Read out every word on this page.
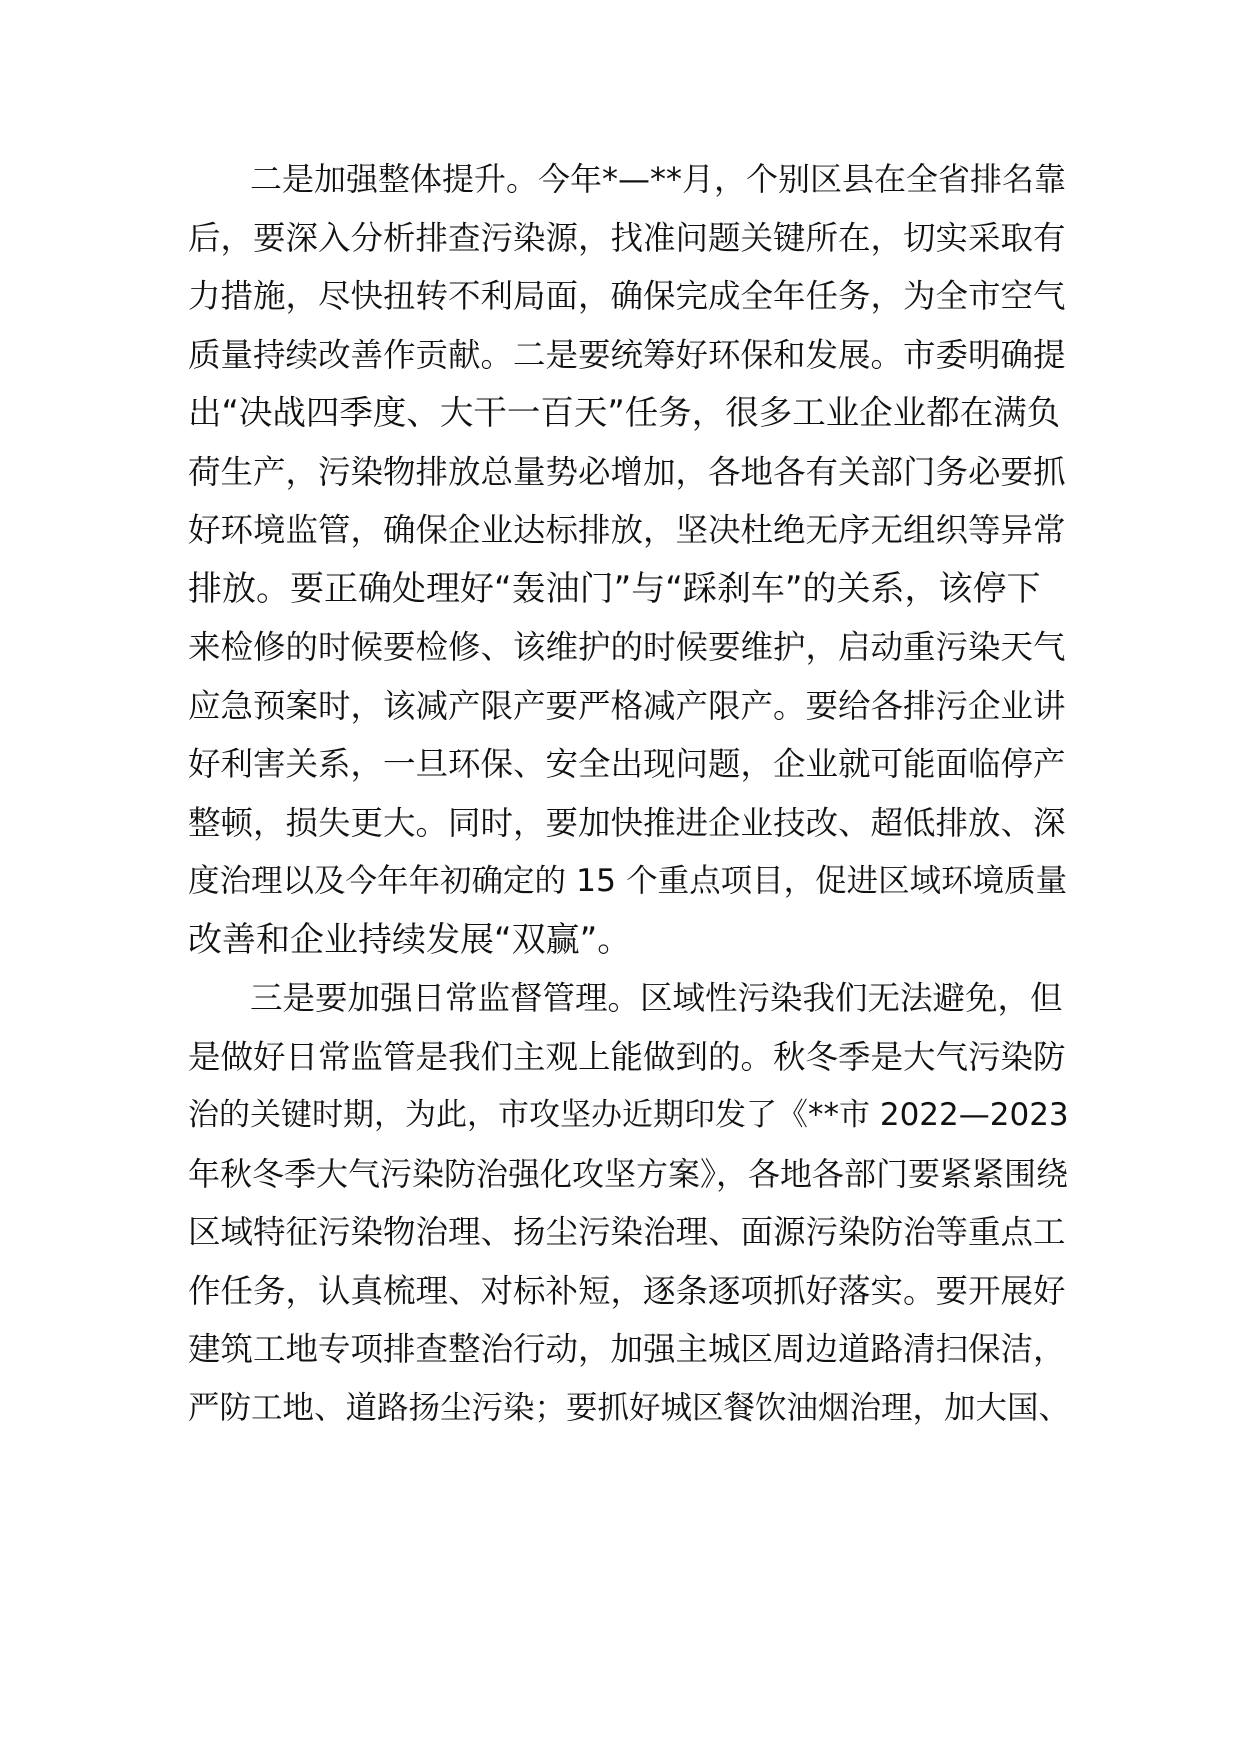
二是加强整体提升。今年*—**月，个别区县在全省排名靠
后，要深入分析排查污染源，找准问题关键所在，切实采取有
力措施，尽快扭转不利局面，确保完成全年任务，为全市空气
质量持续改善作贡献。二是要统筹好环保和发展。市委明确提
出“决战四季度、大干一百天”任务，很多工业企业都在满负
荷生产，污染物排放总量势必增加，各地各有关部门务必要抓
好环境监管，确保企业达标排放，坚决杜绝无序无组织等异常
排放。要正确处理好“轰油门”与“踩刹车”的关系，该停下
来检修的时候要检修、该维护的时候要维护，启动重污染天气
应急预案时，该减产限产要严格减产限产。要给各排污企业讲
好利害关系，一旦环保、安全出现问题，企业就可能面临停产
整顿，损失更大。同时，要加快推进企业技改、超低排放、深
度治理以及今年年初确定的 15 个重点项目，促进区域环境质量
改善和企业持续发展“双赢”。
三是要加强日常监督管理。区域性污染我们无法避免，但
是做好日常监管是我们主观上能做到的。秋冬季是大气污染防
治的关键时期，为此，市攻坚办近期印发了《**市 2022—2023
年秋冬季大气污染防治强化攻坚方案》，各地各部门要紧紧围绕
区域特征污染物治理、扬尘污染治理、面源污染防治等重点工
作任务，认真梳理、对标补短，逐条逐项抓好落实。要开展好
建筑工地专项排查整治行动，加强主城区周边道路清扫保洁，
严防工地、道路扬尘污染；要抓好城区餐饮油烟治理，加大国、
